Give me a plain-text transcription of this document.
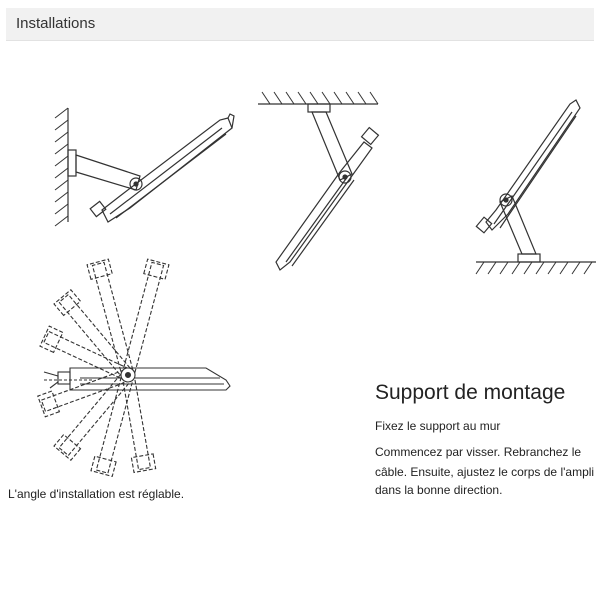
Installations
L'angle d'installation est réglable.
Support de montage
Fixez le support au mur
Commencez par visser. Rebranchez le
câble. Ensuite, ajustez le corps de l'ampli
dans la bonne direction.
